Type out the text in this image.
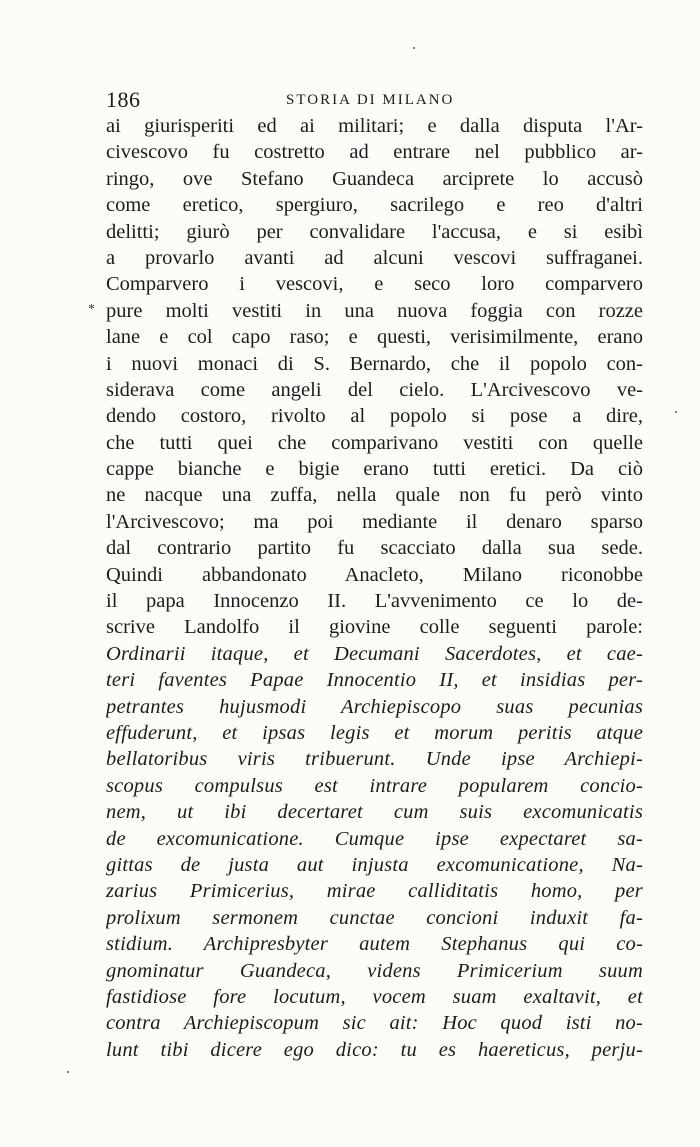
186	STORIA DI MILANO
*
ai giurisperiti ed ai militari; e dalla disputa l'Ar-
civescovo fu costretto ad entrare nel pubblico ar-
ringo, ove Stefano Guandeca arciprete lo accusò
come eretico, spergiuro, sacrilego e reo d'altri
delitti; giurò per convalidare l'accusa, e si esibì
a provarlo avanti ad alcuni vescovi suffraganei.
Comparvero i vescovi, e seco loro comparvero
pure molti vestiti in una nuova foggia con rozze
lane e col capo raso; e questi, verisimilmente, erano
i nuovi monaci di S. Bernardo, che il popolo con-
siderava come angeli del cielo. L'Arcivescovo ve-
dendo costoro, rivolto al popolo si pose a dire,
che tutti quei che comparivano vestiti con quelle
cappe bianche e bigie erano tutti eretici. Da ciò
ne nacque una zuffa, nella quale non fu però vinto
l'Arcivescovo; ma poi mediante il denaro sparso
dal contrario partito fu scacciato dalla sua sede.
Quindi abbandonato Anacleto, Milano riconobbe
il papa Innocenzo II. L'avvenimento ce lo de-
scrive Landolfo il giovine colle seguenti parole:
Ordinarii itaque, et Decumani Sacerdotes, et cae-
teri faventes Papae Innocentio II, et insidias per-
petrantes hujusmodi Archiepiscopo suas pecunias
effuderunt, et ipsas legis et morum peritis atque
bellatoribus viris tribuerunt. Unde ipse Archiepi-
scopus compulsus est intrare popularem concio-
nem, ut ibi decertaret cum suis excomunicatis
de excomunicatione. Cumque ipse expectaret sa-
gittas de justa aut injusta excomunicatione, Na-
zarius Primicerius, mirae calliditatis homo, per
prolixum sermonem cunctae concioni induxit fa-
stidium. Archipresbyter autem Stephanus qui co-
gnominatur Guandeca, videns Primicerium suum
fastidiose fore locutum, vocem suam exaltavit, et
contra Archiepiscopum sic ait: Hoc quod isti no-
lunt tibi dicere ego dico: tu es haereticus, perju-
